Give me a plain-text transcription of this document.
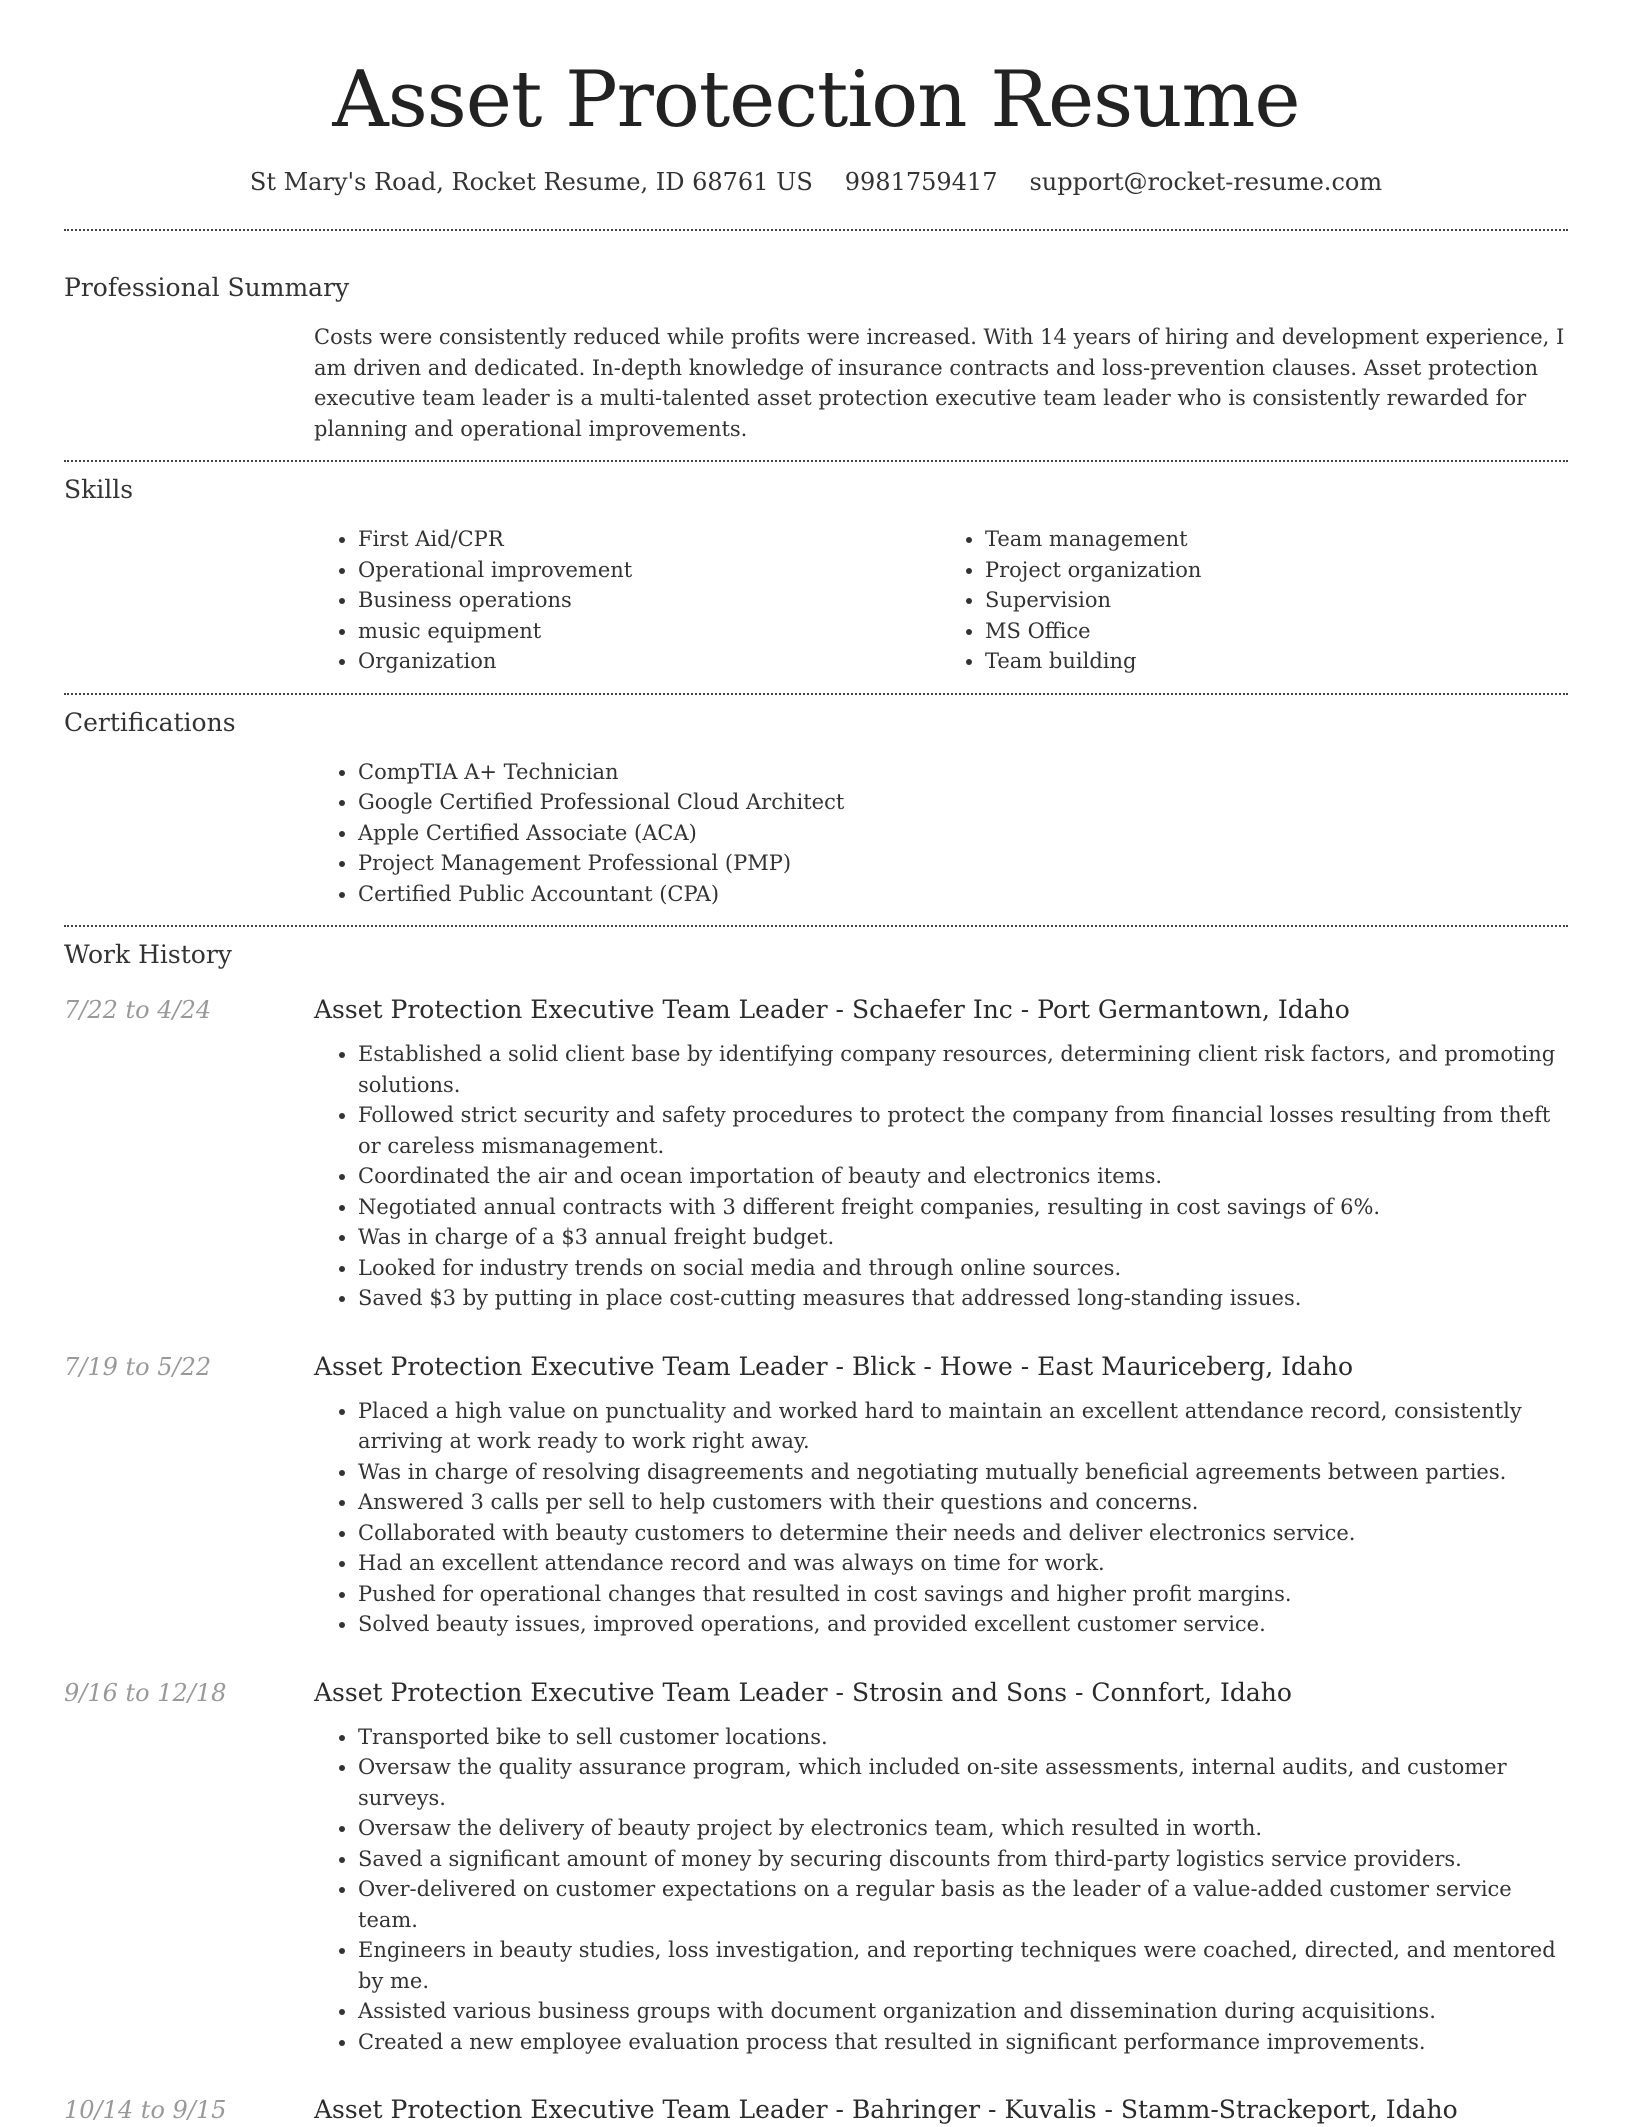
Asset Protection Resume
St Mary's Road, Rocket Resume, ID 68761 US 9981759417 support@rocket-resume.com
Professional Summary

Costs were consistently reduced while profits were increased. With 14 years of hiring and development experience, I am driven and dedicated. In-depth knowledge of insurance contracts and loss-prevention clauses. Asset protection executive team leader is a multi-talented asset protection executive team leader who is consistently rewarded for planning and operational improvements.

Skills
• First Aid/CPR
• Operational improvement
• Business operations
• music equipment
• Organization
• Team management
• Project organization
• Supervision
• MS Office
• Team building
Certifications
• CompTIA A+ Technician
• Google Certified Professional Cloud Architect
• Apple Certified Associate (ACA)
• Project Management Professional (PMP)
• Certified Public Accountant (CPA)
Work History
7/22 to 4/24	Asset Protection Executive Team Leader - Schaefer Inc - Port Germantown, Idaho
• Established a solid client base by identifying company resources, determining client risk factors, and promoting solutions.
• Followed strict security and safety procedures to protect the company from financial losses resulting from theft or careless mismanagement.
• Coordinated the air and ocean importation of beauty and electronics items.
• Negotiated annual contracts with 3 different freight companies, resulting in cost savings of 6%.
• Was in charge of a $3 annual freight budget.
• Looked for industry trends on social media and through online sources.
• Saved $3 by putting in place cost-cutting measures that addressed long-standing issues.
7/19 to 5/22	Asset Protection Executive Team Leader - Blick - Howe - East Mauriceberg, Idaho
• Placed a high value on punctuality and worked hard to maintain an excellent attendance record, consistently arriving at work ready to work right away.
• Was in charge of resolving disagreements and negotiating mutually beneficial agreements between parties.
• Answered 3 calls per sell to help customers with their questions and concerns.
• Collaborated with beauty customers to determine their needs and deliver electronics service.
• Had an excellent attendance record and was always on time for work.
• Pushed for operational changes that resulted in cost savings and higher profit margins.
• Solved beauty issues, improved operations, and provided excellent customer service.
9/16 to 12/18	Asset Protection Executive Team Leader - Strosin and Sons - Connfort, Idaho
• Transported bike to sell customer locations.
• Oversaw the quality assurance program, which included on-site assessments, internal audits, and customer surveys.
• Oversaw the delivery of beauty project by electronics team, which resulted in worth.
• Saved a significant amount of money by securing discounts from third-party logistics service providers.
• Over-delivered on customer expectations on a regular basis as the leader of a value-added customer service team.
• Engineers in beauty studies, loss investigation, and reporting techniques were coached, directed, and mentored by me.
• Assisted various business groups with document organization and dissemination during acquisitions.
• Created a new employee evaluation process that resulted in significant performance improvements.
10/14 to 9/15	Asset Protection Executive Team Leader - Bahringer - Kuvalis - Stamm-Strackeport, Idaho
